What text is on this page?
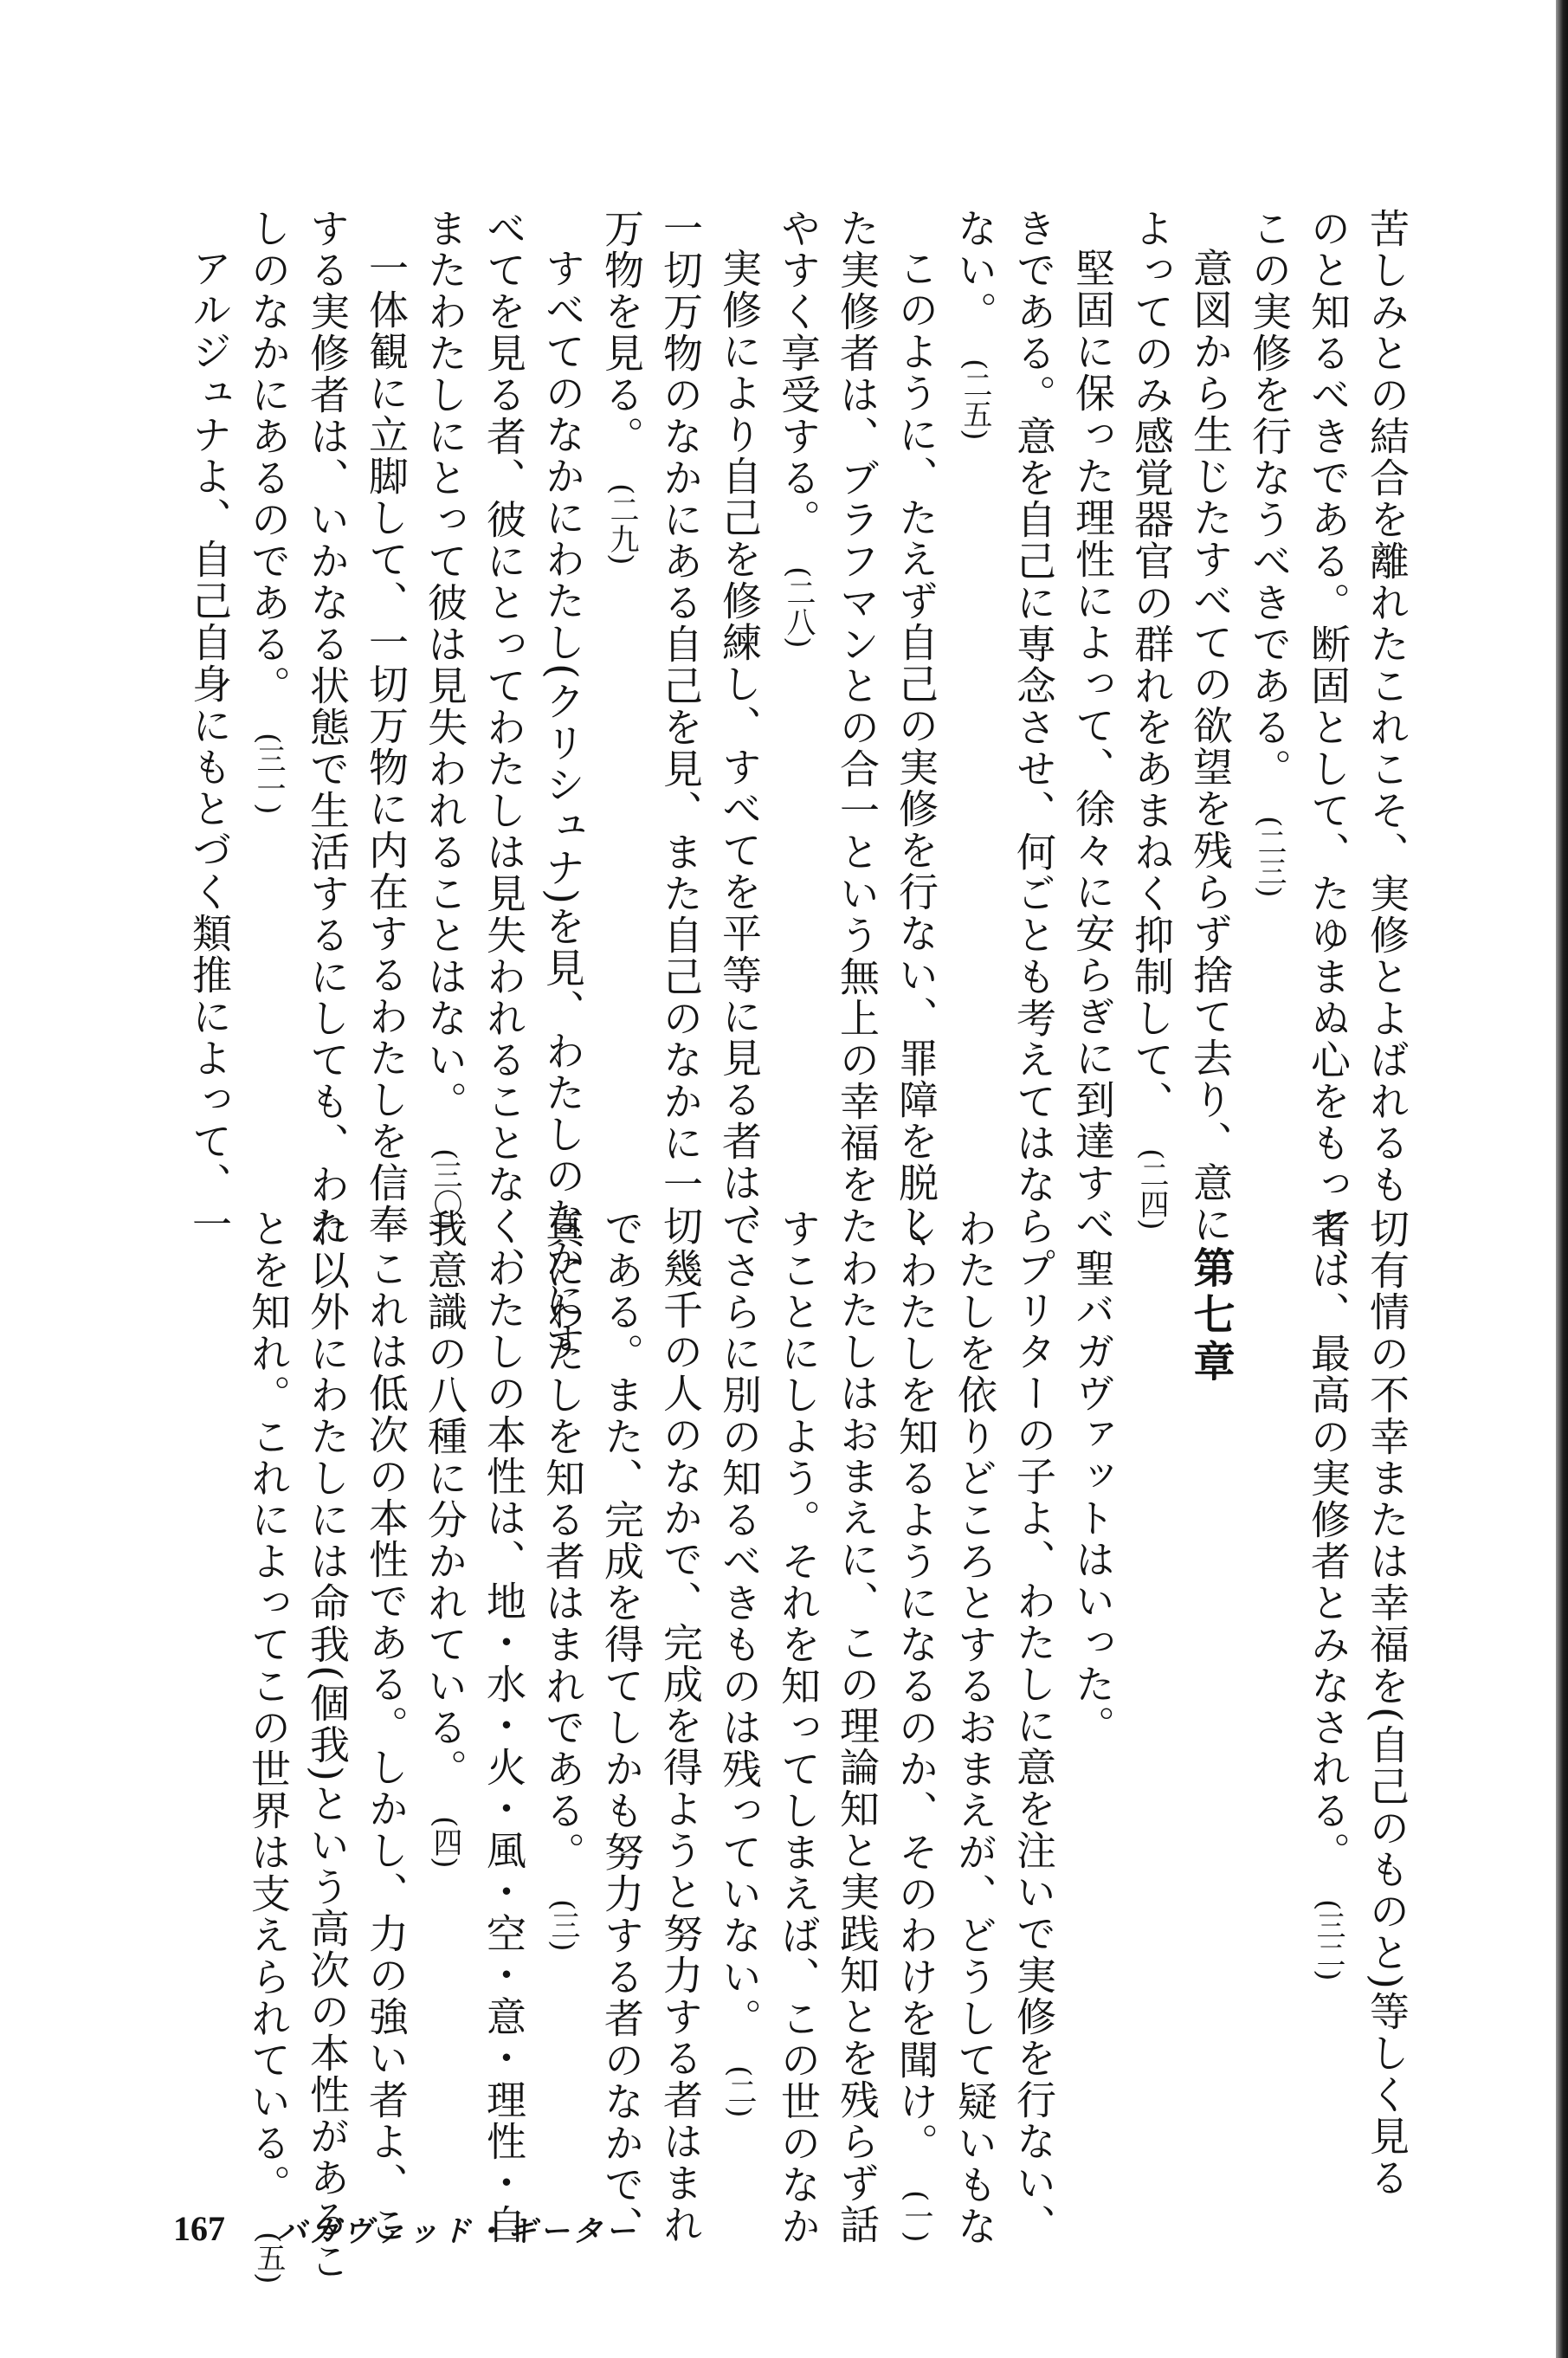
苦しみとの結合を離れたこれこそ、実修とよばれるも
のと知るべきである。断固として、たゆまぬ心をもって、
この実修を行なうべきである。(二三)
意図から生じたすべての欲望を残らず捨て去り、意に
よってのみ感覚器官の群れをあまねく抑制して、(二四)
堅固に保った理性によって、徐々に安らぎに到達すべ
きである。意を自己に専念させ、何ごとも考えてはなら
ない。(二五)
このように、たえず自己の実修を行ない、罪障を脱し
た実修者は、ブラフマンとの合一という無上の幸福をた
やすく享受する。(二八)
実修により自己を修練し、すべてを平等に見る者は、
一切万物のなかにある自己を見、また自己のなかに一切
万物を見る。(二九)
すべてのなかにわたし(クリシュナ)を見、わたしのなかにす
べてを見る者、彼にとってわたしは見失われることなく、
またわたしにとって彼は見失われることはない。(三〇)
一体観に立脚して、一切万物に内在するわたしを信奉
する実修者は、いかなる状態で生活するにしても、わた
しのなかにあるのである。(三一)
アルジュナよ、自己自身にもとづく類推によって、一
切有情の不幸または幸福を(自己のものと)等しく見る
者は、最高の実修者とみなされる。(三二)
第七章
聖バガヴァットはいった。
プリターの子よ、わたしに意を注いで実修を行ない、
わたしを依りどころとするおまえが、どうして疑いもな
くわたしを知るようになるのか、そのわけを聞け。(一)
わたしはおまえに、この理論知と実践知とを残らず話
すことにしよう。それを知ってしまえば、この世のなか
でさらに別の知るべきものは残っていない。(二)
幾千の人のなかで、完成を得ようと努力する者はまれ
である。また、完成を得てしかも努力する者のなかで、
真にわたしを知る者はまれである。(三)
わたしの本性は、地・水・火・風・空・意・理性・自
我意識の八種に分かれている。(四)
これは低次の本性である。しかし、力の強い者よ、こ
れ以外にわたしには命我(個我)という高次の本性があるこ
とを知れ。これによってこの世界は支えられている。(五)
167 バガヴァッド・ギーター
